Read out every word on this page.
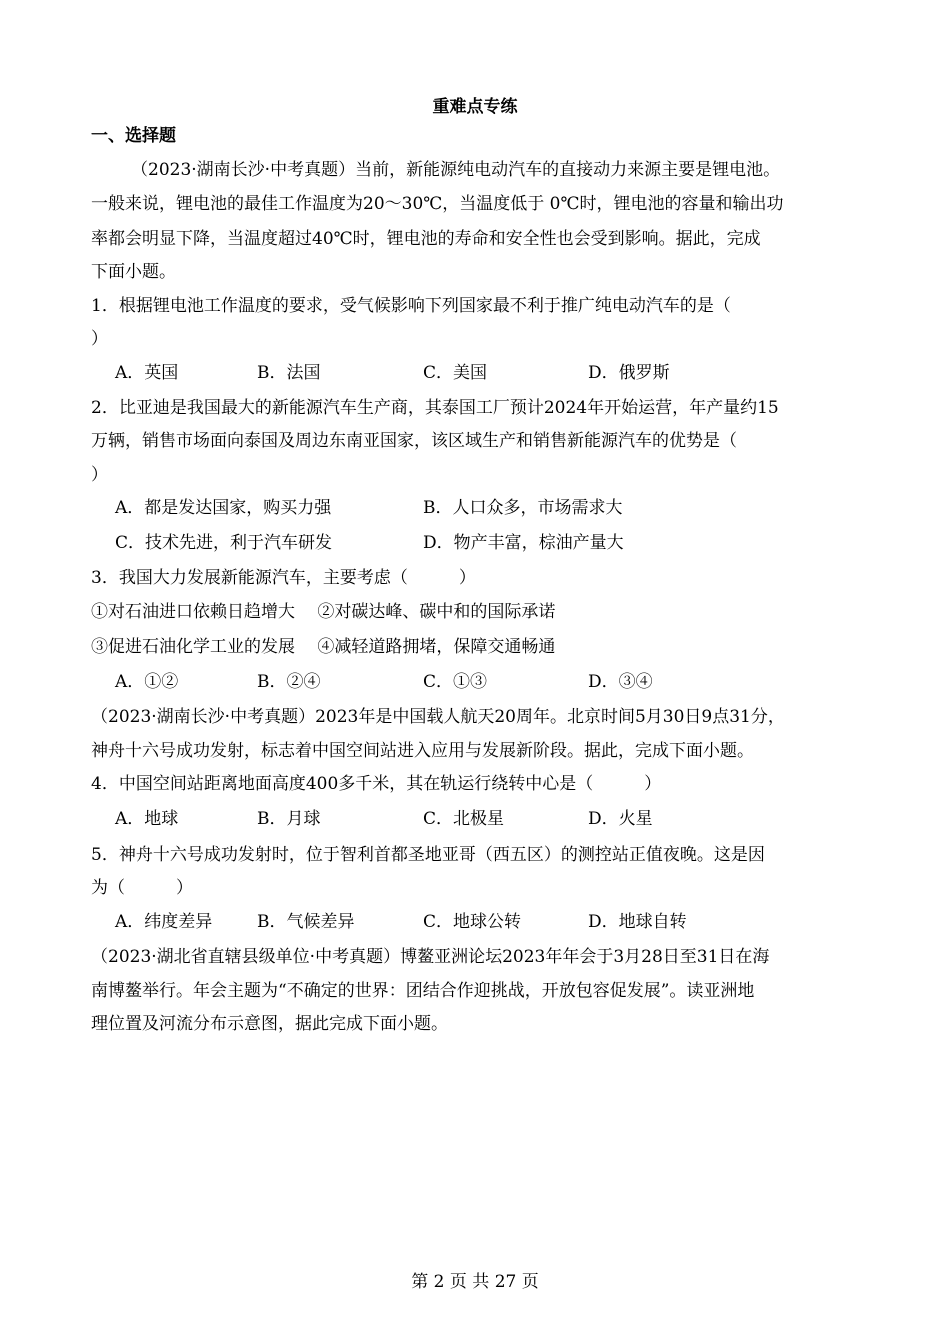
重难点专练
一、选择题
（2023·湖南长沙·中考真题）当前，新能源纯电动汽车的直接动力来源主要是锂电池。
一般来说，锂电池的最佳工作温度为20～30℃，当温度低于 0℃时，锂电池的容量和输出功
率都会明显下降，当温度超过40℃时，锂电池的寿命和安全性也会受到影响。据此，完成
下面小题。
1．根据锂电池工作温度的要求，受气候影响下列国家最不利于推广纯电动汽车的是（
）
A．英国	B．法国	C．美国	D．俄罗斯
2．比亚迪是我国最大的新能源汽车生产商，其泰国工厂预计2024年开始运营，年产量约15
万辆，销售市场面向泰国及周边东南亚国家，该区域生产和销售新能源汽车的优势是（
）
A．都是发达国家，购买力强	B．人口众多，市场需求大
C．技术先进，利于汽车研发	D．物产丰富，棕油产量大
3．我国大力发展新能源汽车，主要考虑（　　　）
①对石油进口依赖日趋增大　 ②对碳达峰、碳中和的国际承诺
③促进石油化学工业的发展　 ④减轻道路拥堵，保障交通畅通
A．①②	B．②④	C．①③	D．③④
（2023·湖南长沙·中考真题）2023年是中国载人航天20周年。北京时间5月30日9点31分，
神舟十六号成功发射，标志着中国空间站进入应用与发展新阶段。据此，完成下面小题。
4．中国空间站距离地面高度400多千米，其在轨运行绕转中心是（　　　）
A．地球	B．月球	C．北极星	D．火星
5．神舟十六号成功发射时，位于智利首都圣地亚哥（西五区）的测控站正值夜晚。这是因
为（　　　）
A．纬度差异	B．气候差异	C．地球公转	D．地球自转
（2023·湖北省直辖县级单位·中考真题）博鳌亚洲论坛2023年年会于3月28日至31日在海
南博鳌举行。年会主题为“不确定的世界：团结合作迎挑战，开放包容促发展”。读亚洲地
理位置及河流分布示意图，据此完成下面小题。
第 2 页 共 27 页
